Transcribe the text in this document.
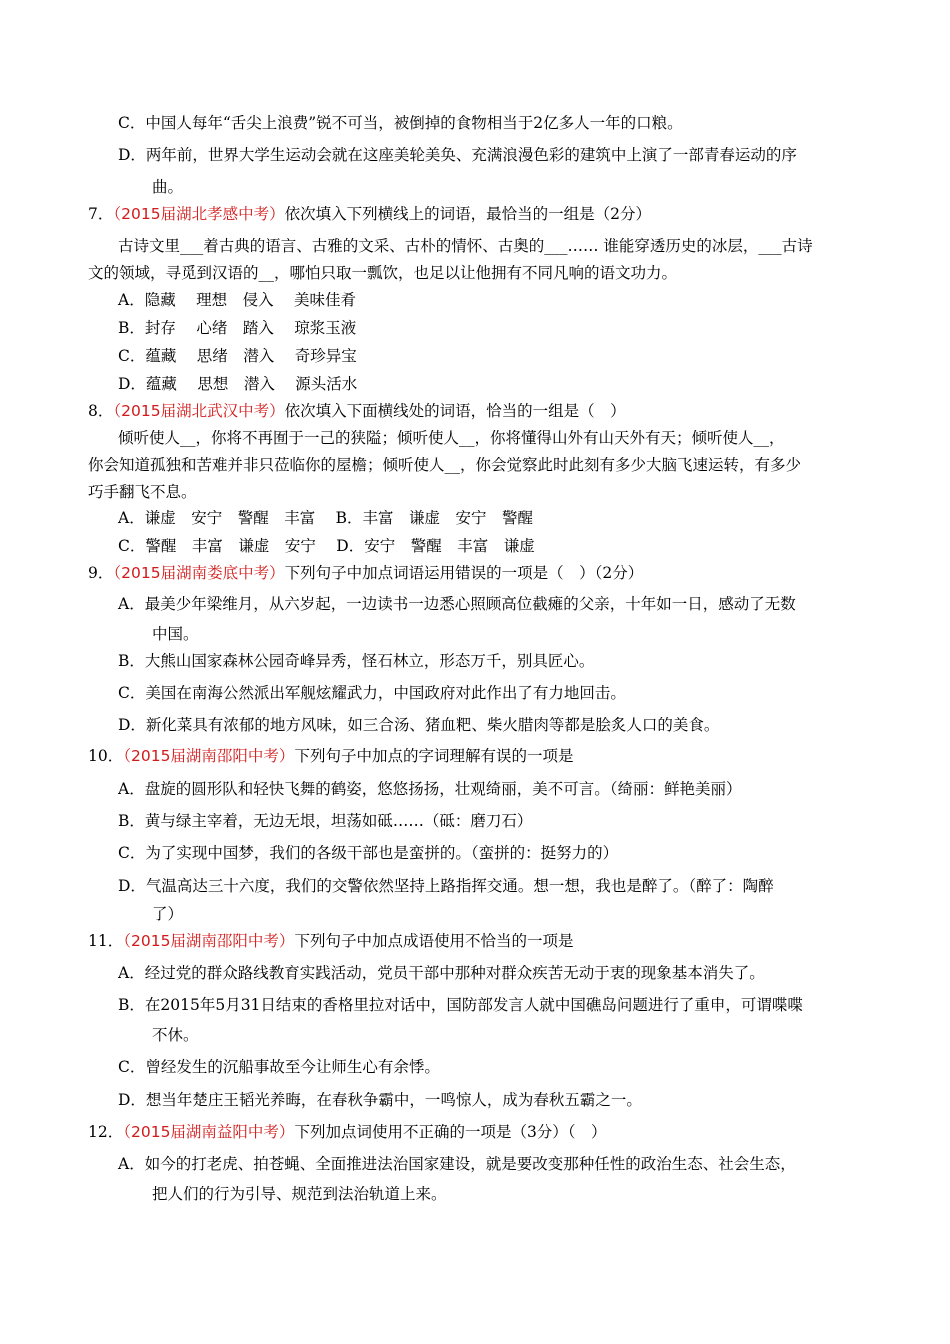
C．中国人每年“舌尖上浪费”锐不可当，被倒掉的食物相当于2亿多人一年的口粮。
D．两年前，世界大学生运动会就在这座美轮美奂、充满浪漫色彩的建筑中上演了一部青春运动的序
曲。
7．（2015届湖北孝感中考）依次填入下列横线上的词语，最恰当的一组是（2分）
古诗文里___着古典的语言、古雅的文采、古朴的情怀、古奥的___…… 谁能穿透历史的冰层，___古诗
文的领域，寻觅到汉语的__，哪怕只取一瓢饮，也足以让他拥有不同凡响的语文功力。
A．隐藏　 理想　侵入　 美味佳肴
B．封存　 心绪　踏入　 琼浆玉液
C．蕴藏　 思绪　潜入　 奇珍异宝
D．蕴藏　 思想　潜入　 源头活水
8．（2015届湖北武汉中考）依次填入下面横线处的词语，恰当的一组是（　）
倾听使人__，你将不再囿于一己的狭隘；倾听使人__，你将懂得山外有山天外有天；倾听使人__，
你会知道孤独和苦难并非只莅临你的屋檐；倾听使人__，你会觉察此时此刻有多少大脑飞速运转，有多少
巧手翻飞不息。
A．谦虚　安宁　警醒　丰富　 B．丰富　谦虚　安宁　警醒
C．警醒　丰富　谦虚　安宁　 D．安宁　警醒　丰富　谦虚
9．（2015届湖南娄底中考）下列句子中加点词语运用错误的一项是（　）（2分）
A．最美少年梁维月，从六岁起，一边读书一边悉心照顾高位截瘫的父亲，十年如一日，感动了无数
中国。
B．大熊山国家森林公园奇峰异秀，怪石林立，形态万千，别具匠心。
C．美国在南海公然派出军舰炫耀武力，中国政府对此作出了有力地回击。
D．新化菜具有浓郁的地方风味，如三合汤、猪血粑、柴火腊肉等都是脍炙人口的美食。
10．（2015届湖南邵阳中考）下列句子中加点的字词理解有误的一项是
A．盘旋的圆形队和轻快飞舞的鹤姿，悠悠扬扬，壮观绮丽，美不可言。（绮丽：鲜艳美丽）
B．黄与绿主宰着，无边无垠，坦荡如砥……（砥：磨刀石）
C．为了实现中国梦，我们的各级干部也是蛮拼的。（蛮拼的：挺努力的）
D．气温高达三十六度，我们的交警依然坚持上路指挥交通。想一想，我也是醉了。（醉了：陶醉
了）
11．（2015届湖南邵阳中考）下列句子中加点成语使用不恰当的一项是
A．经过党的群众路线教育实践活动，党员干部中那种对群众疾苦无动于衷的现象基本消失了。
B．在2015年5月31日结束的香格里拉对话中，国防部发言人就中国礁岛问题进行了重申，可谓喋喋
不休。
C．曾经发生的沉船事故至今让师生心有余悸。
D．想当年楚庄王韬光养晦，在春秋争霸中，一鸣惊人，成为春秋五霸之一。
12．（2015届湖南益阳中考）下列加点词使用不正确的一项是（3分）（　）
A．如今的打老虎、拍苍蝇、全面推进法治国家建设，就是要改变那种任性的政治生态、社会生态，
把人们的行为引导、规范到法治轨道上来。
